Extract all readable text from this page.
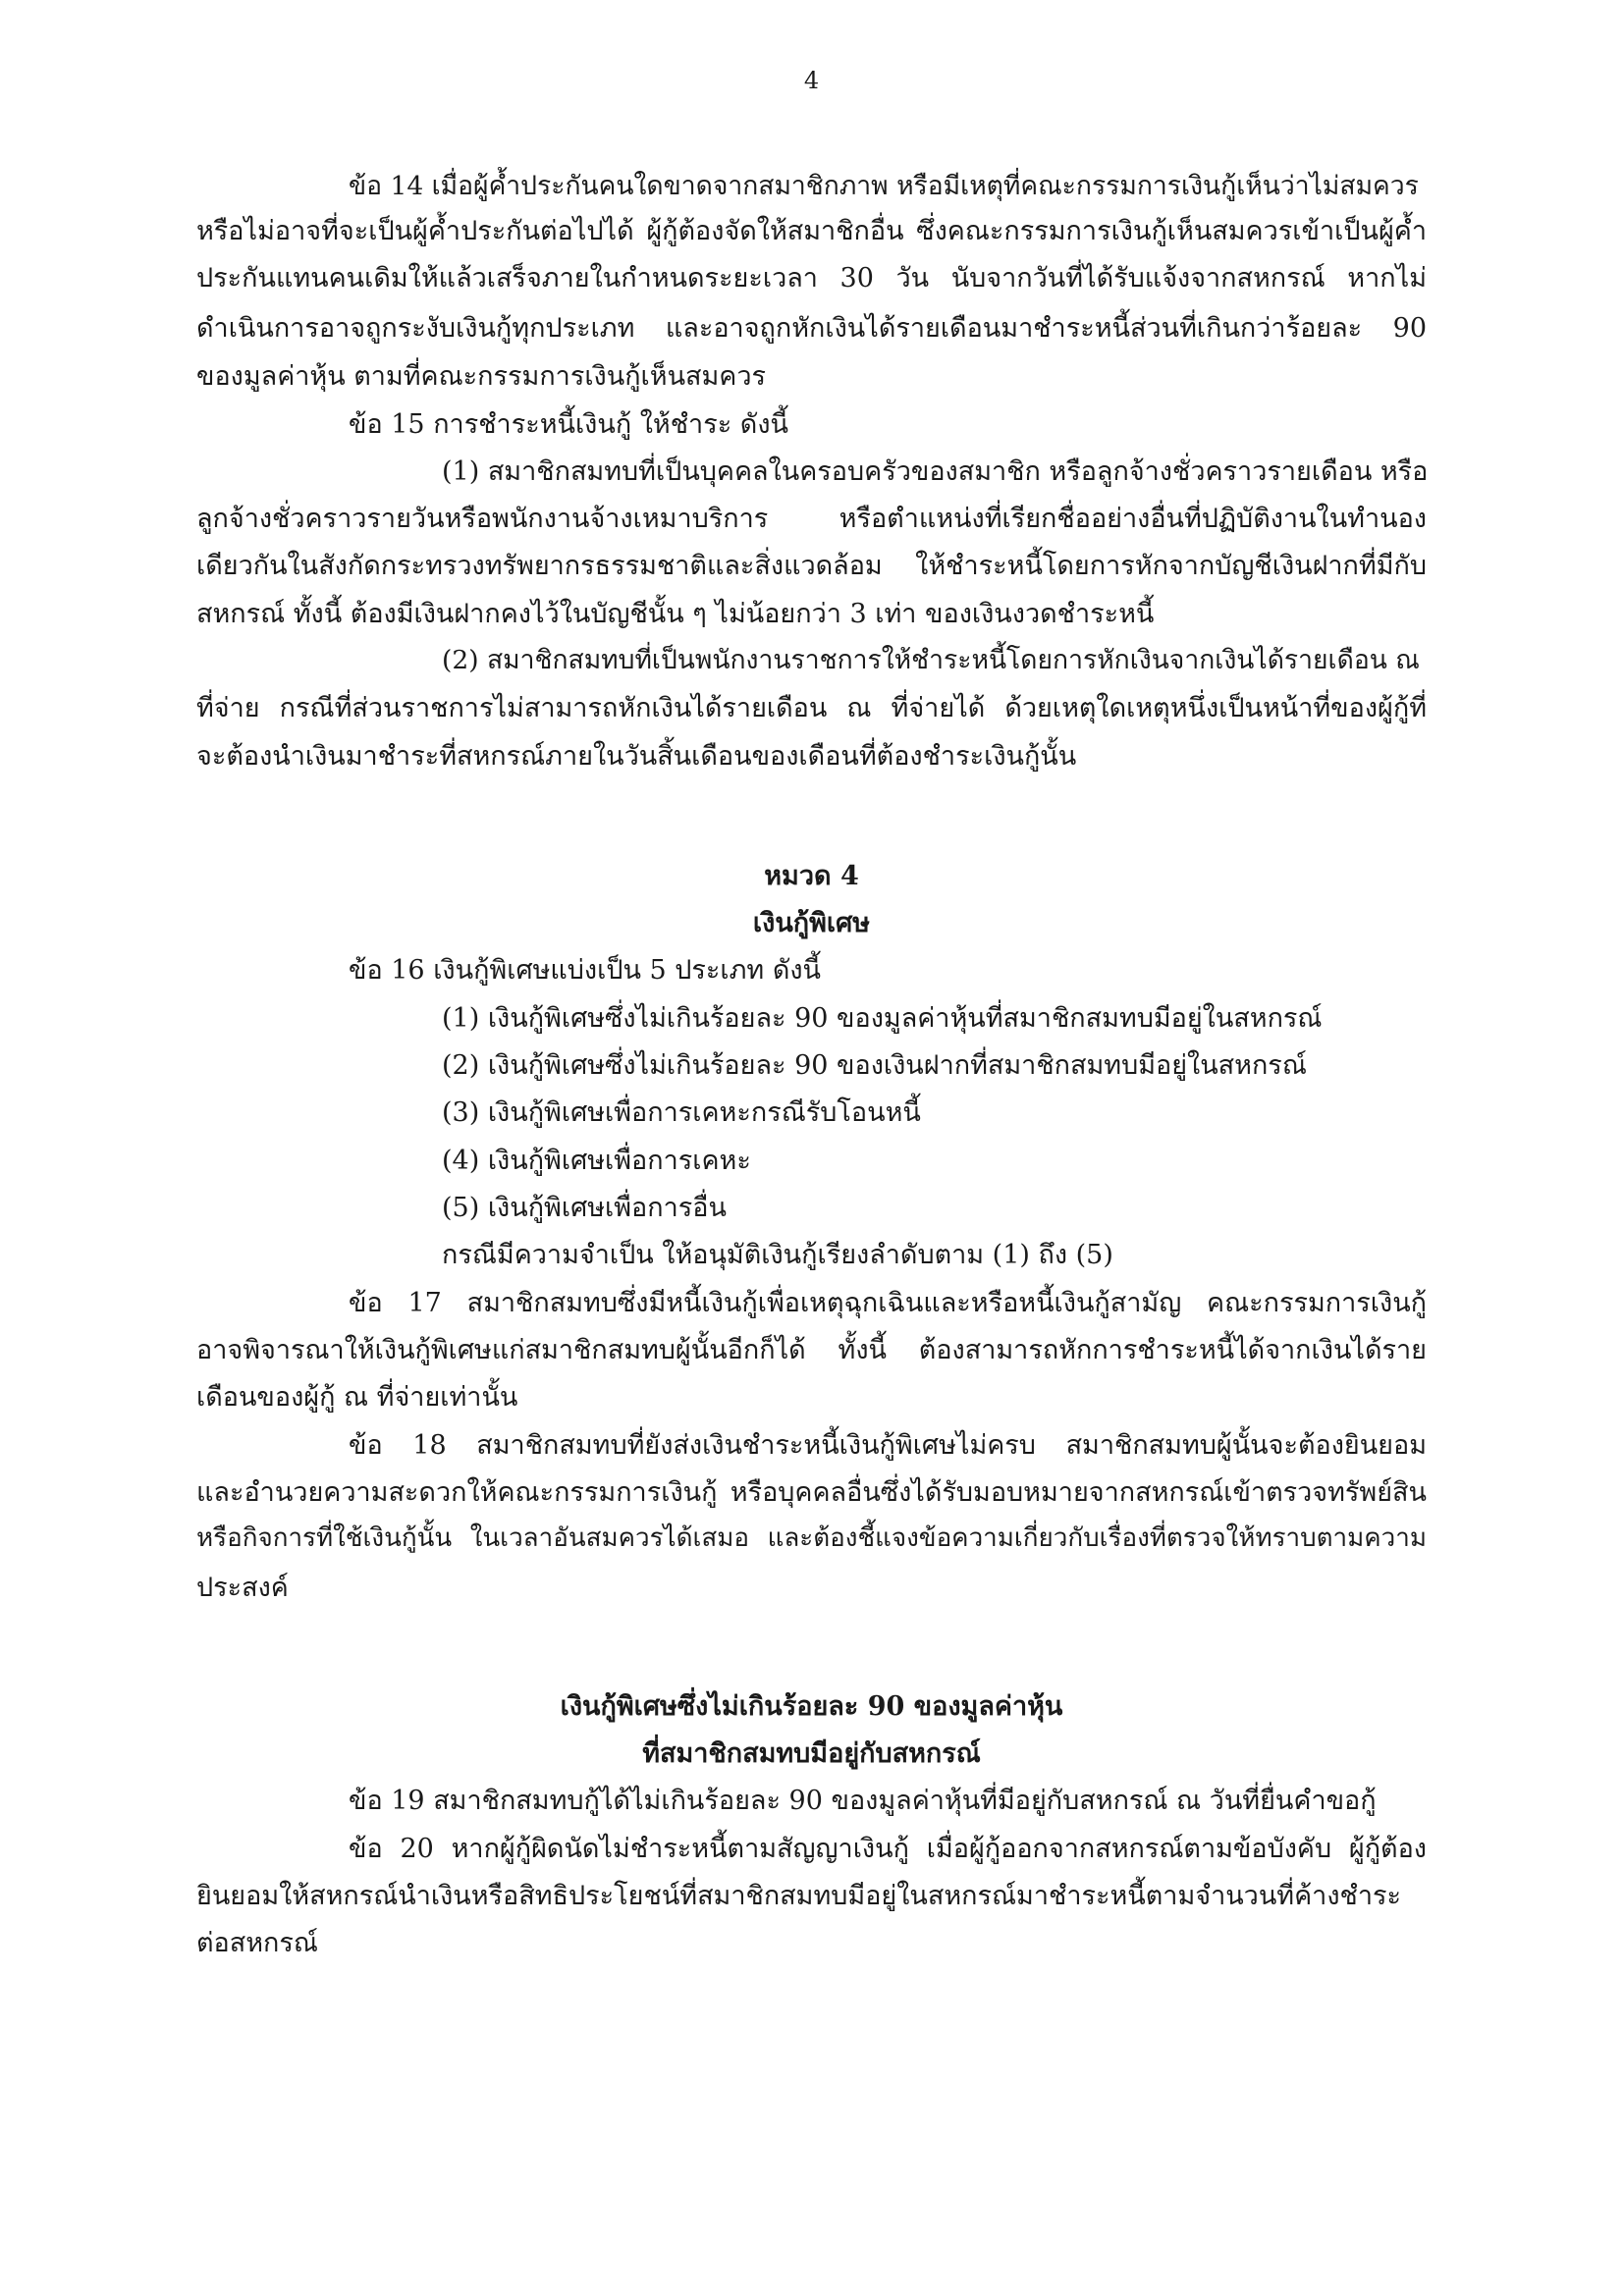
4
ข้อ 14 เมื่อผู้ค้ำประกันคนใดขาดจากสมาชิกภาพ หรือมีเหตุที่คณะกรรมการเงินกู้เห็นว่าไม่สมควร
หรือไม่อาจที่จะเป็นผู้ค้ำประกันต่อไปได้ ผู้กู้ต้องจัดให้สมาชิกอื่น ซึ่งคณะกรรมการเงินกู้เห็นสมควรเข้าเป็นผู้ค้ำ
ประกันแทนคนเดิมให้แล้วเสร็จภายในกำหนดระยะเวลา 30 วัน นับจากวันที่ได้รับแจ้งจากสหกรณ์ หากไม่
ดำเนินการอาจถูกระงับเงินกู้ทุกประเภท และอาจถูกหักเงินได้รายเดือนมาชำระหนี้ส่วนที่เกินกว่าร้อยละ 90
ของมูลค่าหุ้น ตามที่คณะกรรมการเงินกู้เห็นสมควร
ข้อ 15 การชำระหนี้เงินกู้ ให้ชำระ ดังนี้
(1) สมาชิกสมทบที่เป็นบุคคลในครอบครัวของสมาชิก หรือลูกจ้างชั่วคราวรายเดือน หรือ
ลูกจ้างชั่วคราวรายวันหรือพนักงานจ้างเหมาบริการ หรือตำแหน่งที่เรียกชื่ออย่างอื่นที่ปฏิบัติงานในทำนอง
เดียวกันในสังกัดกระทรวงทรัพยากรธรรมชาติและสิ่งแวดล้อม ให้ชำระหนี้โดยการหักจากบัญชีเงินฝากที่มีกับ
สหกรณ์ ทั้งนี้ ต้องมีเงินฝากคงไว้ในบัญชีนั้น ๆ ไม่น้อยกว่า 3 เท่า ของเงินงวดชำระหนี้
(2) สมาชิกสมทบที่เป็นพนักงานราชการให้ชำระหนี้โดยการหักเงินจากเงินได้รายเดือน ณ
ที่จ่าย กรณีที่ส่วนราชการไม่สามารถหักเงินได้รายเดือน ณ ที่จ่ายได้ ด้วยเหตุใดเหตุหนึ่งเป็นหน้าที่ของผู้กู้ที่
จะต้องนำเงินมาชำระที่สหกรณ์ภายในวันสิ้นเดือนของเดือนที่ต้องชำระเงินกู้นั้น
หมวด 4
เงินกู้พิเศษ
ข้อ 16 เงินกู้พิเศษแบ่งเป็น 5 ประเภท ดังนี้
(1) เงินกู้พิเศษซึ่งไม่เกินร้อยละ 90 ของมูลค่าหุ้นที่สมาชิกสมทบมีอยู่ในสหกรณ์
(2) เงินกู้พิเศษซึ่งไม่เกินร้อยละ 90 ของเงินฝากที่สมาชิกสมทบมีอยู่ในสหกรณ์
(3) เงินกู้พิเศษเพื่อการเคหะกรณีรับโอนหนี้
(4) เงินกู้พิเศษเพื่อการเคหะ
(5) เงินกู้พิเศษเพื่อการอื่น
กรณีมีความจำเป็น ให้อนุมัติเงินกู้เรียงลำดับตาม (1) ถึง (5)
ข้อ 17 สมาชิกสมทบซึ่งมีหนี้เงินกู้เพื่อเหตุฉุกเฉินและหรือหนี้เงินกู้สามัญ คณะกรรมการเงินกู้
อาจพิจารณาให้เงินกู้พิเศษแก่สมาชิกสมทบผู้นั้นอีกก็ได้ ทั้งนี้ ต้องสามารถหักการชำระหนี้ได้จากเงินได้ราย
เดือนของผู้กู้ ณ ที่จ่ายเท่านั้น
ข้อ 18 สมาชิกสมทบที่ยังส่งเงินชำระหนี้เงินกู้พิเศษไม่ครบ สมาชิกสมทบผู้นั้นจะต้องยินยอม
และอำนวยความสะดวกให้คณะกรรมการเงินกู้ หรือบุคคลอื่นซึ่งได้รับมอบหมายจากสหกรณ์เข้าตรวจทรัพย์สิน
หรือกิจการที่ใช้เงินกู้นั้น ในเวลาอันสมควรได้เสมอ และต้องชี้แจงข้อความเกี่ยวกับเรื่องที่ตรวจให้ทราบตามความ
ประสงค์
เงินกู้พิเศษซึ่งไม่เกินร้อยละ 90 ของมูลค่าหุ้น
ที่สมาชิกสมทบมีอยู่กับสหกรณ์
ข้อ 19 สมาชิกสมทบกู้ได้ไม่เกินร้อยละ 90 ของมูลค่าหุ้นที่มีอยู่กับสหกรณ์ ณ วันที่ยื่นคำขอกู้
ข้อ 20 หากผู้กู้ผิดนัดไม่ชำระหนี้ตามสัญญาเงินกู้ เมื่อผู้กู้ออกจากสหกรณ์ตามข้อบังคับ ผู้กู้ต้อง
ยินยอมให้สหกรณ์นำเงินหรือสิทธิประโยชน์ที่สมาชิกสมทบมีอยู่ในสหกรณ์มาชำระหนี้ตามจำนวนที่ค้างชำระ
ต่อสหกรณ์
